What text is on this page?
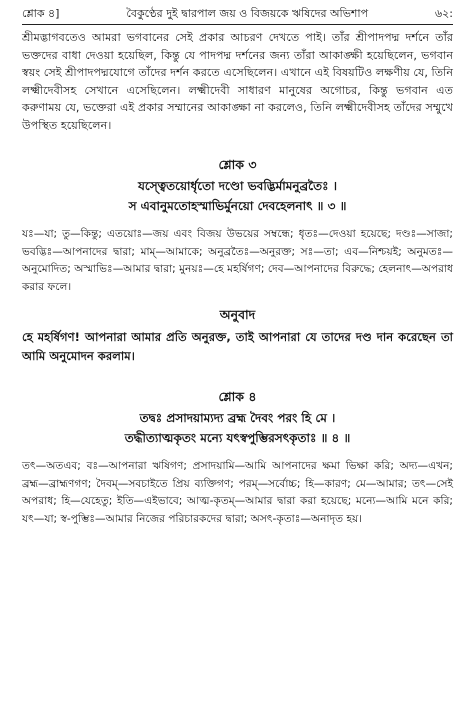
শ্লোক ৪]	বৈকুণ্ঠের দুই দ্বারপাল জয় ও বিজয়কে ঋষিদের অভিশাপ	৬২:

শ্রীমদ্ভাগবতেও আমরা ভগবানের সেই প্রকার আচরণ দেখতে পাই। তাঁর শ্রীপাদপদ্ম দর্শনে তাঁর ভক্তদের বাধা দেওয়া হয়েছিল, কিন্তু যে পাদপদ্ম দর্শনের জন্য তাঁরা আকাঙ্ক্ষী হয়েছিলেন, ভগবান স্বয়ং সেই শ্রীপাদপদ্মযোগে তাঁদের দর্শন করতে এসেছিলেন। এখানে এই বিষয়টিও লক্ষণীয় যে, তিনি লক্ষ্মীদেবীসহ সেখানে এসেছিলেন। লক্ষ্মীদেবী সাধারণ মানুষের অগোচর, কিন্তু ভগবান এত করুণাময় যে, ভক্তেরা এই প্রকার সম্মানের আকাঙ্ক্ষা না করলেও, তিনি লক্ষ্মীদেবীসহ তাঁদের সম্মুখে উপস্থিত হয়েছিলেন।

শ্লোক ৩

যস্ত্বেতয়োর্ধৃতো দণ্ডো ভবদ্ভির্মামনুব্রতৈঃ ।

স এবানুমতোহস্মাভির্মুনয়ো দেবহেলনাৎ ॥ ৩ ॥

যঃ—যা; তু—কিন্তু; এতয়োঃ—জয় এবং বিজয় উভয়ের সম্বন্ধে; ধৃতঃ—দেওয়া হয়েছে; দণ্ডঃ—সাজা; ভবদ্ভিঃ—আপনাদের দ্বারা; মাম্—আমাকে; অনুব্রতৈঃ—অনুরক্ত; সঃ—তা; এব—নিশ্চয়ই; অনুমতঃ—অনুমোদিত; অস্মাভিঃ—আমার দ্বারা; মুনয়ঃ—হে মহর্ষিগণ; দেব—আপনাদের বিরুদ্ধে; হেলনাৎ—অপরাধ করার ফলে।

অনুবাদ

হে মহর্ষিগণ! আপনারা আমার প্রতি অনুরক্ত, তাই আপনারা যে তাদের দণ্ড দান করেছেন তা আমি অনুমোদন করলাম।

শ্লোক ৪

তদ্বঃ প্রসাদয়াম্যদ্য ব্রহ্ম দৈবং পরং হি মে ।

তদ্ধীত্যাত্মকৃতং মন্যে যৎস্বপুম্ভিরসৎকৃতাঃ ॥ ৪ ॥

তৎ—অতএব; বঃ—আপনারা ঋষিগণ; প্রসাদয়ামি—আমি আপনাদের ক্ষমা ভিক্ষা করি; অদ্য—এখন; ব্রহ্ম—ব্রাহ্মণগণ; দৈবম্—সবচাইতে প্রিয় ব্যক্তিগণ; পরম্—সর্বোচ্চ; হি—কারণ; মে—আমার; তৎ—সেই অপরাধ; হি—যেহেতু; ইতি—এইভাবে; আত্ম-কৃতম্—আমার দ্বারা করা হয়েছে; মন্যে—আমি মনে করি; যৎ—যা; স্ব-পুম্ভিঃ—আমার নিজের পরিচারকদের দ্বারা; অসৎ-কৃতাঃ—অনাদৃত হয়।
